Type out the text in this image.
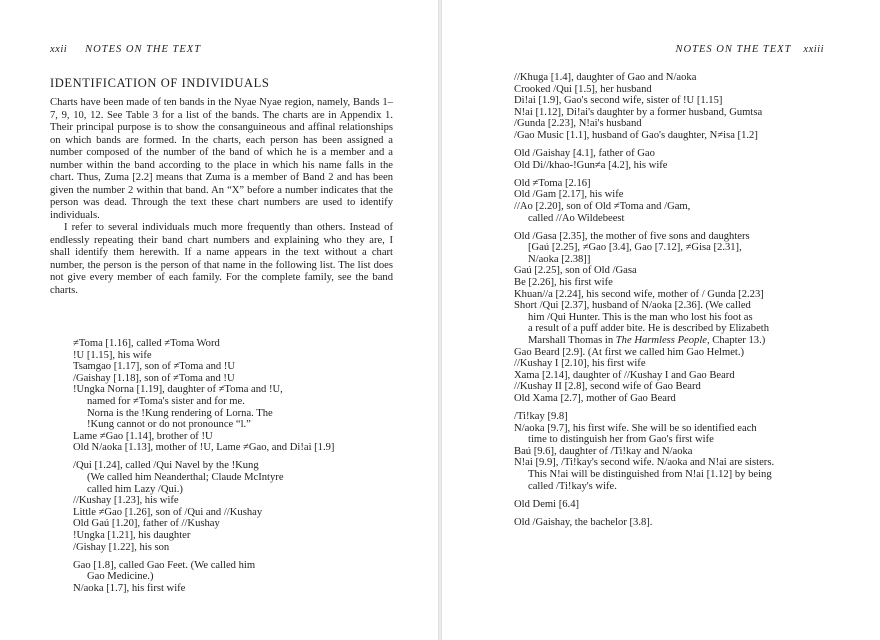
xxii NOTES ON THE TEXT
IDENTIFICATION OF INDIVIDUALS

Charts have been made of ten bands in the Nyae Nyae region, namely, Bands 1–7, 9, 10, 12. See Table 3 for a list of the bands. The charts are in Appendix 1. Their principal purpose is to show the consanguineous and affinal relationships on which bands are formed. In the charts, each person has been assigned a number composed of the number of the band of which he is a member and a number within the band according to the place in which his name falls in the chart. Thus, Zuma [2.2] means that Zuma is a member of Band 2 and has been given the number 2 within that band. An “X” before a number indicates that the person was dead. Through the text these chart numbers are used to identify individuals.

I refer to several individuals much more frequently than others. Instead of endlessly repeating their band chart numbers and explaining who they are, I shall identify them herewith. If a name appears in the text without a chart number, the person is the person of that name in the following list. The list does not give every member of each family. For the complete family, see the band charts.

≠Toma [1.16], called ≠Toma Word
!U [1.15], his wife
Tsamgao [1.17], son of ≠Toma and !U
/Gaishay [1.18], son of ≠Toma and !U
!Ungka Norna [1.19], daughter of ≠Toma and !U,
named for ≠Toma's sister and for me.
Norna is the !Kung rendering of Lorna. The
!Kung cannot or do not pronounce “l.”
Lame ≠Gao [1.14], brother of !U
Old N/aoka [1.13], mother of !U, Lame ≠Gao, and Di!ai [1.9]
/Qui [1.24], called /Qui Navel by the !Kung
(We called him Neanderthal; Claude McIntyre
called him Lazy /Qui.)
//Kushay [1.23], his wife
Little ≠Gao [1.26], son of /Qui and //Kushay
Old Gaú [1.20], father of //Kushay
!Ungka [1.21], his daughter
/Gishay [1.22], his son
Gao [1.8], called Gao Feet. (We called him
Gao Medicine.)
N/aoka [1.7], his first wife
NOTES ON THE TEXT xxiii
//Khuga [1.4], daughter of Gao and N/aoka
Crooked /Qui [1.5], her husband
Di!ai [1.9], Gao's second wife, sister of !U [1.15]
N!ai [1.12], Di!ai's daughter by a former husband, Gumtsa
/Gunda [2.23], N!ai's husband
/Gao Music [1.1], husband of Gao's daughter, N≠isa [1.2]
Old /Gaishay [4.1], father of Gao
Old Di//khao-!Gun≠a [4.2], his wife
Old ≠Toma [2.16]
Old /Gam [2.17], his wife
//Ao [2.20], son of Old ≠Toma and /Gam,
called //Ao Wildebeest
Old /Gasa [2.35], the mother of five sons and daughters
[Gaú [2.25], ≠Gao [3.4], Gao [7.12], ≠Gisa [2.31],
N/aoka [2.38]]
Gaú [2.25], son of Old /Gasa
Be [2.26], his first wife
Khuan//a [2.24], his second wife, mother of / Gunda [2.23]
Short /Qui [2.37], husband of N/aoka [2.36]. (We called
him /Qui Hunter. This is the man who lost his foot as
a result of a puff adder bite. He is described by Elizabeth
Marshall Thomas in The Harmless People, Chapter 13.)
Gao Beard [2.9]. (At first we called him Gao Helmet.)
//Kushay I [2.10], his first wife
Xama [2.14], daughter of //Kushay I and Gao Beard
//Kushay II [2.8], second wife of Gao Beard
Old Xama [2.7], mother of Gao Beard
/Ti!kay [9.8]
N/aoka [9.7], his first wife. She will be so identified each
time to distinguish her from Gao's first wife
Baú [9.6], daughter of /Ti!kay and N/aoka
N!ai [9.9], /Ti!kay's second wife. N/aoka and N!ai are sisters.
This N!ai will be distinguished from N!ai [1.12] by being
called /Ti!kay's wife.
Old Demi [6.4]
Old /Gaishay, the bachelor [3.8].
